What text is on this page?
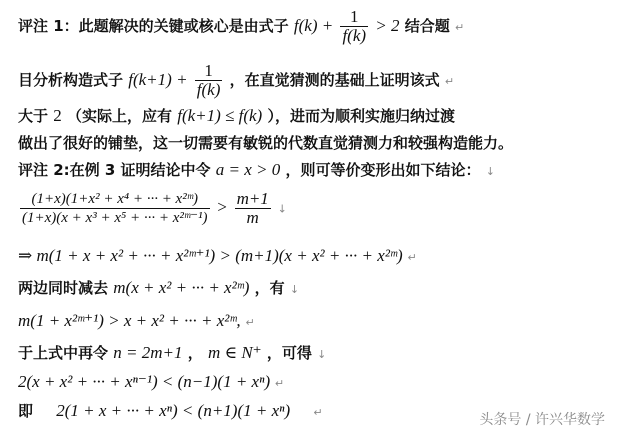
评注 1：此题解决的关键或核心是由式子 $f(k) + \frac{1}{f(k)} > 2$ 结合题 ↵
目分析构造式子 $f(k+1) + \frac{1}{f(k)}$ ，在直觉猜测的基础上证明该式 ↵
大于 2 （实际上，应有 f(k+1) ≤ f(k) ），进而为顺利实施归纳过渡
做出了很好的铺垫，这一切需要有敏锐的代数直觉猜测力和较强构造能力。
评注 2:在例 3 证明结论中令 a = x > 0 ，则可等价变形出如下结论： ↓
$\frac{\text{(1+x)(1+x² + x⁴ + ··· + x²ᵐ)}}{\text{(1+x)(x + x³ + x⁵ + ··· + x²ᵐ⁻¹)}} > \frac{m+1}{m}$ ↓
⇒ m(1 + x + x² + ··· + x²ᵐ⁺¹) > (m+1)(x + x² + ··· + x²ᵐ) ↵
两边同时减去 m(x + x² + ··· + x²ᵐ) ，有 ↓
m(1 + x²ᵐ⁺¹) > x + x² + ··· + x²ᵐ, ↵
于上式中再令 n = 2m+1 ， m ∈ N⁺ ，可得 ↓
2(x + x² + ··· + xⁿ⁻¹) < (n−1)(1 + xⁿ) ↵
即 2(1 + x + ··· + xⁿ) < (n+1)(1 + xⁿ) ↵	头条号 / 许兴华数学
